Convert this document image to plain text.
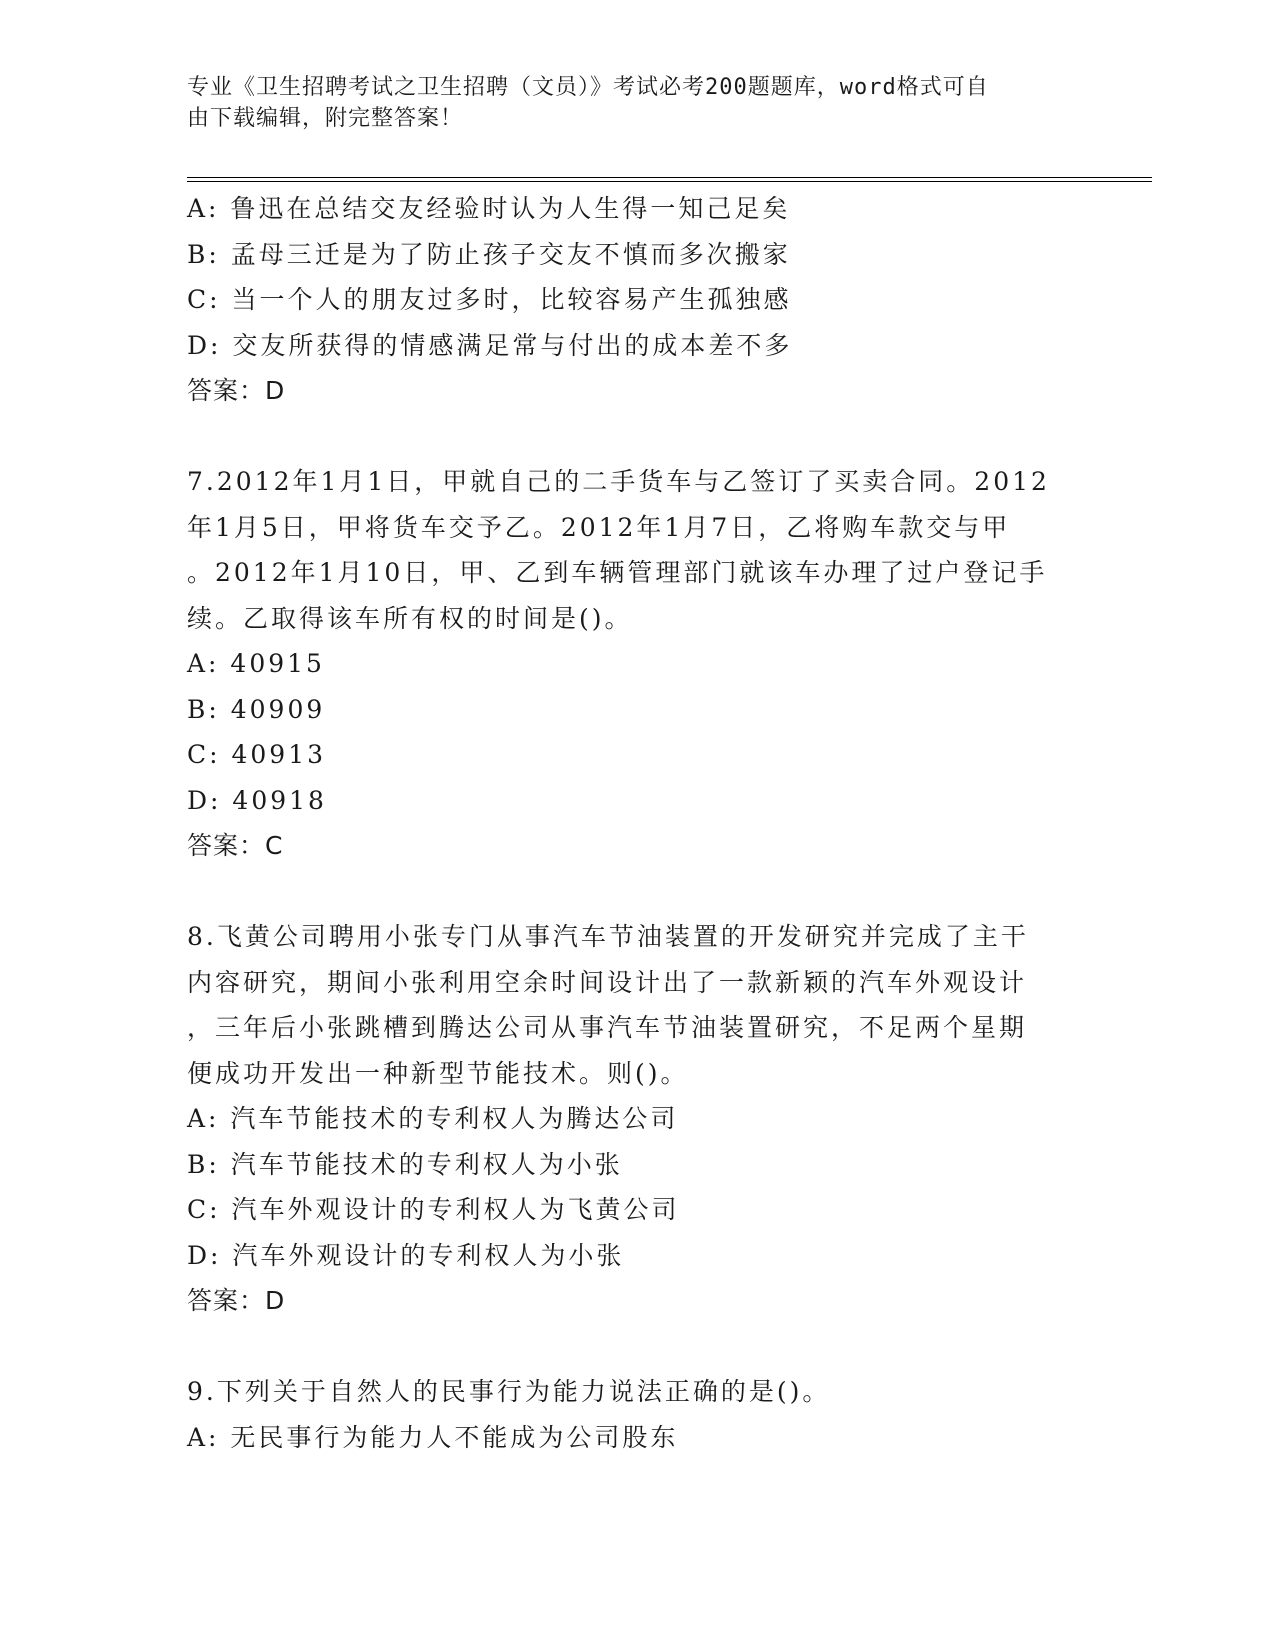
专业《卫生招聘考试之卫生招聘（文员）》考试必考200题题库，word格式可自
由下载编辑，附完整答案！
A: 鲁迅在总结交友经验时认为人生得一知己足矣
B: 孟母三迁是为了防止孩子交友不慎而多次搬家
C: 当一个人的朋友过多时，比较容易产生孤独感
D: 交友所获得的情感满足常与付出的成本差不多
答案：D
7.2012年1月1日，甲就自己的二手货车与乙签订了买卖合同。2012
年1月5日，甲将货车交予乙。2012年1月7日，乙将购车款交与甲
。2012年1月10日，甲、乙到车辆管理部门就该车办理了过户登记手
续。乙取得该车所有权的时间是()。
A: 40915
B: 40909
C: 40913
D: 40918
答案：C
8.飞黄公司聘用小张专门从事汽车节油装置的开发研究并完成了主干
内容研究，期间小张利用空余时间设计出了一款新颖的汽车外观设计
，三年后小张跳槽到腾达公司从事汽车节油装置研究，不足两个星期
便成功开发出一种新型节能技术。则()。
A: 汽车节能技术的专利权人为腾达公司
B: 汽车节能技术的专利权人为小张
C: 汽车外观设计的专利权人为飞黄公司
D: 汽车外观设计的专利权人为小张
答案：D
9.下列关于自然人的民事行为能力说法正确的是()。
A: 无民事行为能力人不能成为公司股东
